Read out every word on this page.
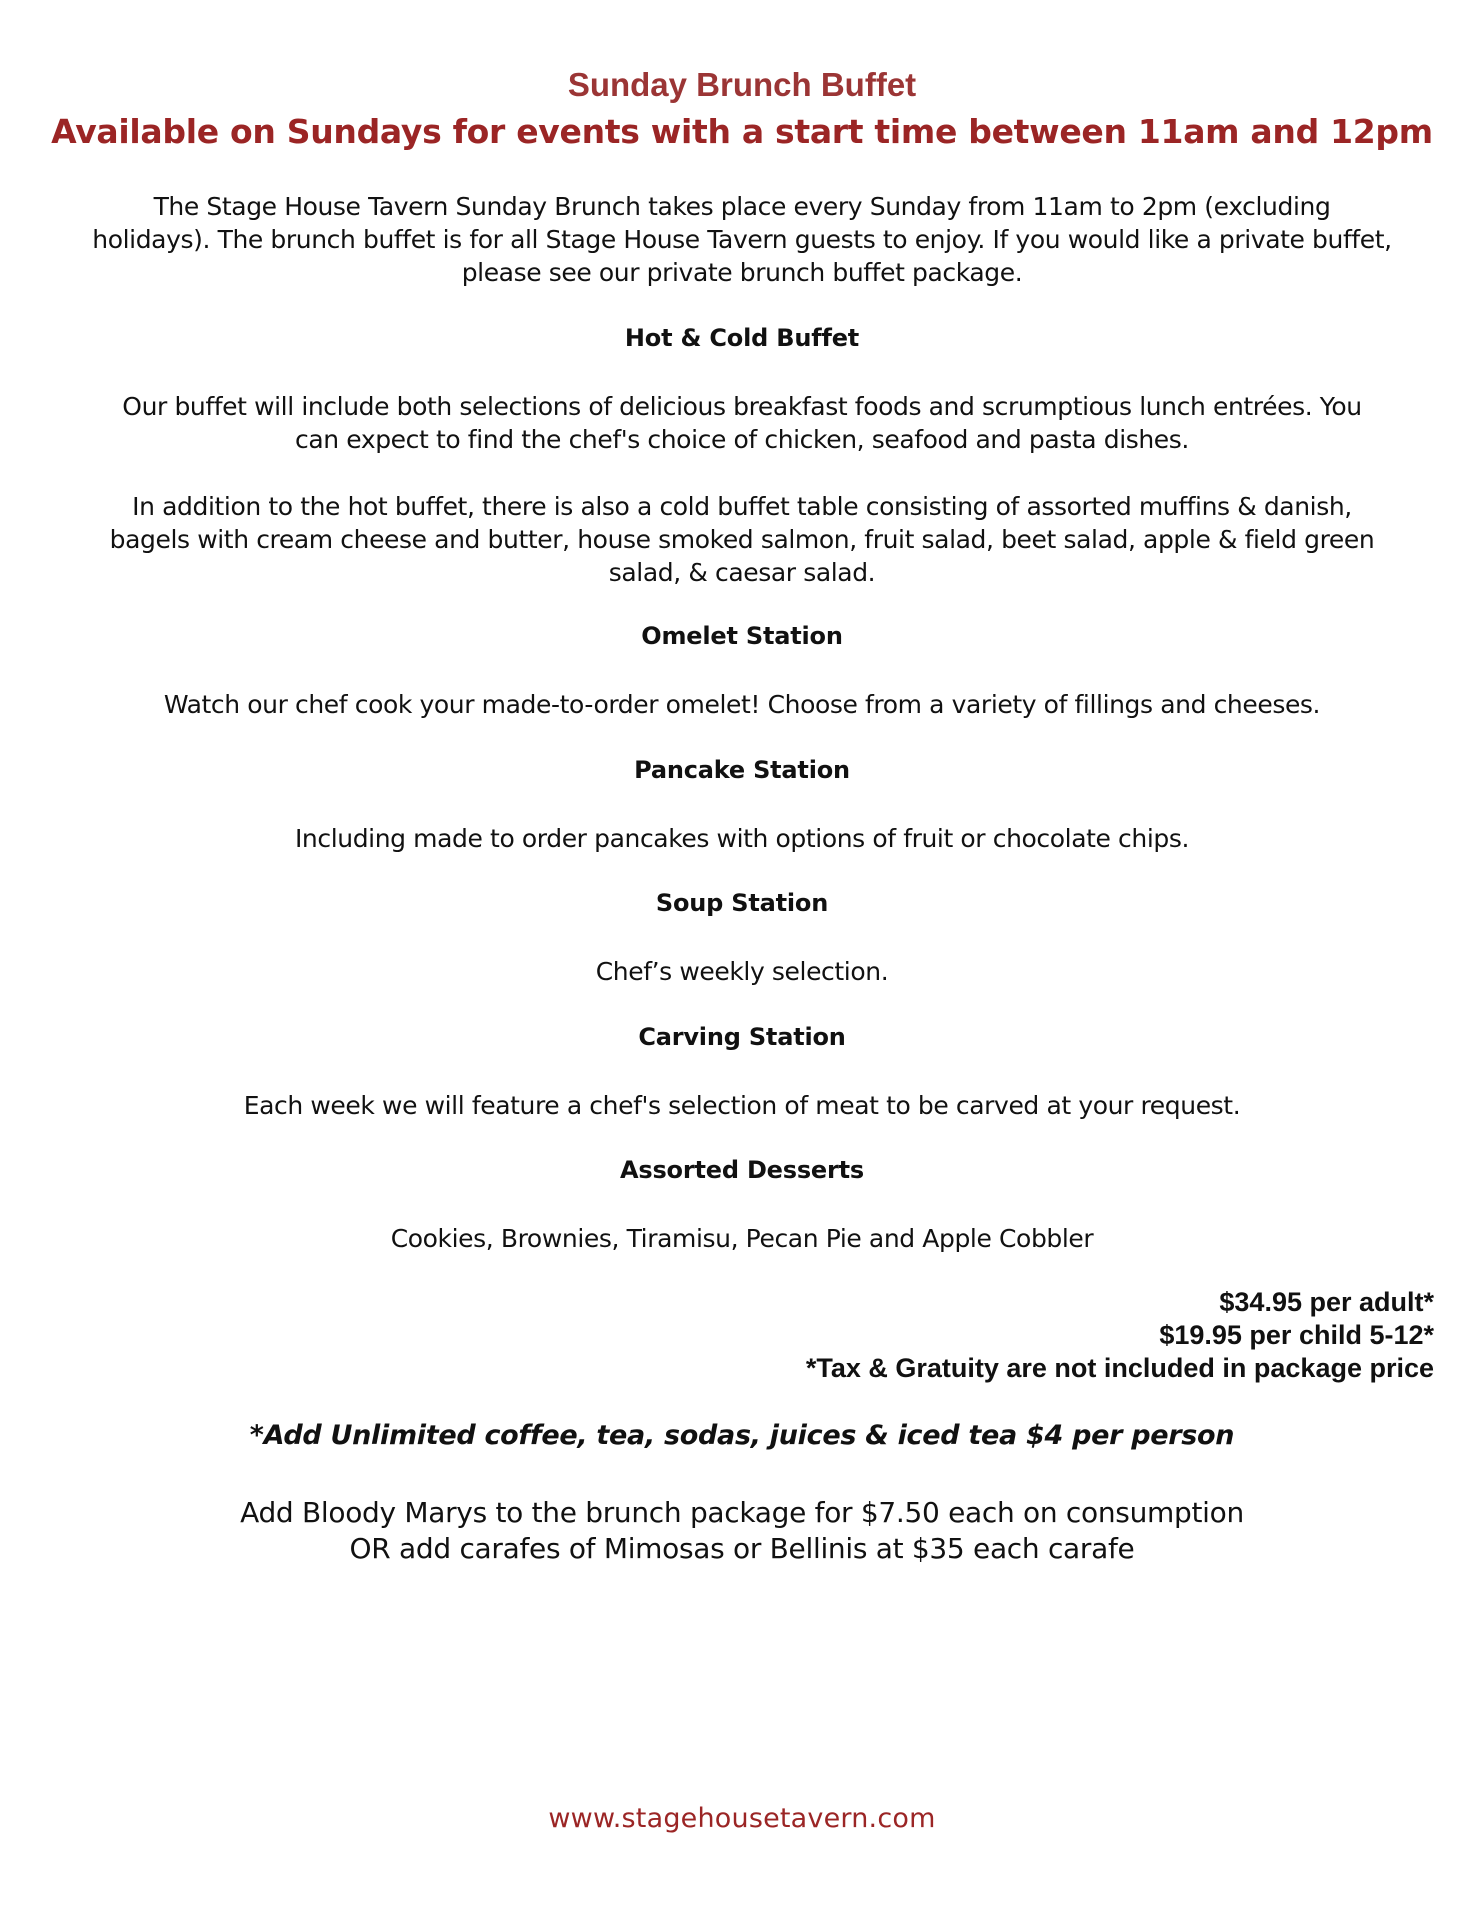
Sunday Brunch Buffet
Available on Sundays for events with a start time between 11am and 12pm

The Stage House Tavern Sunday Brunch takes place every Sunday from 11am to 2pm (excluding
holidays). The brunch buffet is for all Stage House Tavern guests to enjoy. If you would like a private buffet,
please see our private brunch buffet package.

Hot & Cold Buffet

Our buffet will include both selections of delicious breakfast foods and scrumptious lunch entrées. You
can expect to find the chef's choice of chicken, seafood and pasta dishes.

In addition to the hot buffet, there is also a cold buffet table consisting of assorted muffins & danish,
bagels with cream cheese and butter, house smoked salmon, fruit salad, beet salad, apple & field green
salad, & caesar salad.

Omelet Station

Watch our chef cook your made-to-order omelet! Choose from a variety of fillings and cheeses.

Pancake Station

Including made to order pancakes with options of fruit or chocolate chips.

Soup Station

Chef’s weekly selection.

Carving Station

Each week we will feature a chef's selection of meat to be carved at your request.

Assorted Desserts

Cookies, Brownies, Tiramisu, Pecan Pie and Apple Cobbler

$34.95 per adult*

$19.95 per child 5-12*

*Tax & Gratuity are not included in package price

*Add Unlimited coffee, tea, sodas, juices & iced tea $4 per person

Add Bloody Marys to the brunch package for $7.50 each on consumption

OR add carafes of Mimosas or Bellinis at $35 each carafe

www.stagehousetavern.com
